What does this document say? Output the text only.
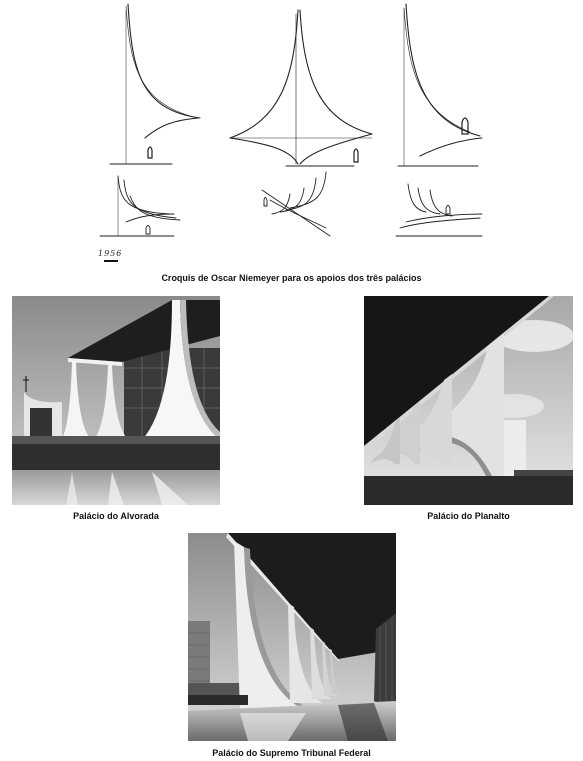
1956
Croquis de Oscar Niemeyer para os apoios dos três palácios
Palácio do Alvorada	Palácio do Planalto
Palácio do Supremo Tribunal Federal
